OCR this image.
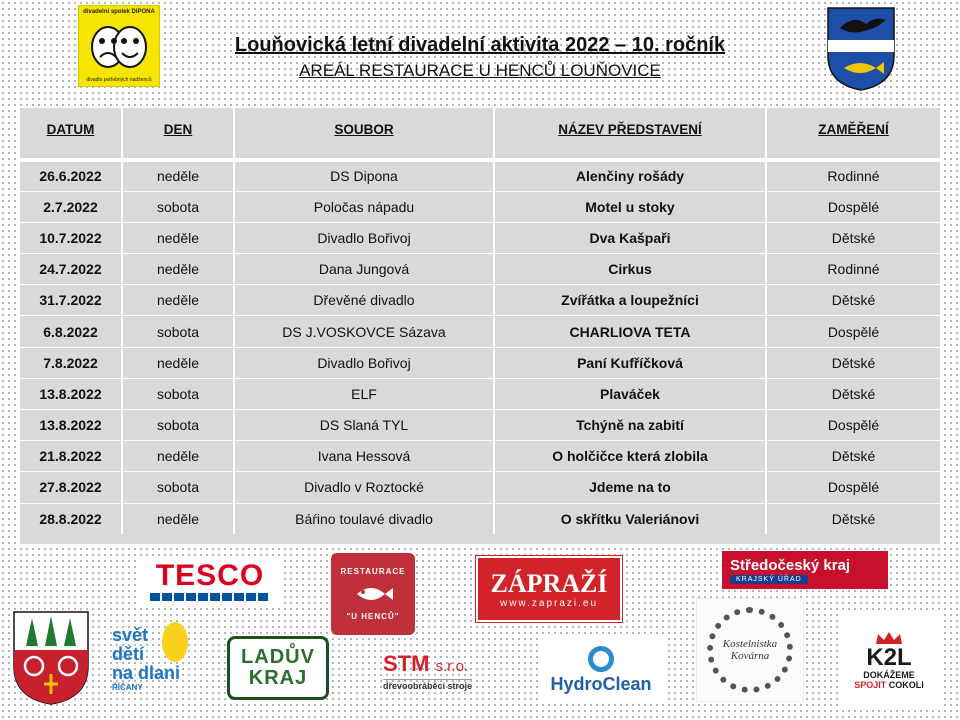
divadelní spolek DIPONA
divadlo potřebných nadšenců
Louňovická letní divadelní aktivita 2022 – 10. ročník
AREÁL RESTAURACE U HENCŮ LOUŇOVICE
DATUM	DEN	SOUBOR	NÁZEV PŘEDSTAVENÍ	ZAMĚŘENÍ
26.6.2022	neděle	DS Dipona	Alenčiny rošády	Rodinné
2.7.2022	sobota	Poločas nápadu	Motel u stoky	Dospělé
10.7.2022	neděle	Divadlo Bořivoj	Dva Kašpaři	Dětské
24.7.2022	neděle	Dana Jungová	Cirkus	Rodinné
31.7.2022	neděle	Dřevěné divadlo	Zvířátka a loupežníci	Dětské
6.8.2022	sobota	DS J.VOSKOVCE Sázava	CHARLIOVA TETA	Dospělé
7.8.2022	neděle	Divadlo Bořivoj	Paní Kufříčková	Dětské
13.8.2022	sobota	ELF	Plaváček	Dětské
13.8.2022	sobota	DS Slaná TYL	Tchýně na zabití	Dospělé
21.8.2022	neděle	Ivana Hessová	O holčičce která zlobila	Dětské
27.8.2022	sobota	Divadlo v Roztocké	Jdeme na to	Dospělé
28.8.2022	neděle	Báŕino toulavé divadlo	O skřítku Valeriánovi	Dětské
TESCO	RESTAURACE
"U HENCŮ"
ZÁPRAŽÍ
www.zaprazi.eu
Středočeský kraj
KRAJSKÝ ÚŘAD
svět
dětí
na dlani
ŘÍČANY
LADŮV
KRAJ
STM s.r.o.
dřevoobráběcí stroje	HydroClean
Kostelnistka
Kovárna	K2L
DOKÁŽEME
SPOJIT COKOLI
